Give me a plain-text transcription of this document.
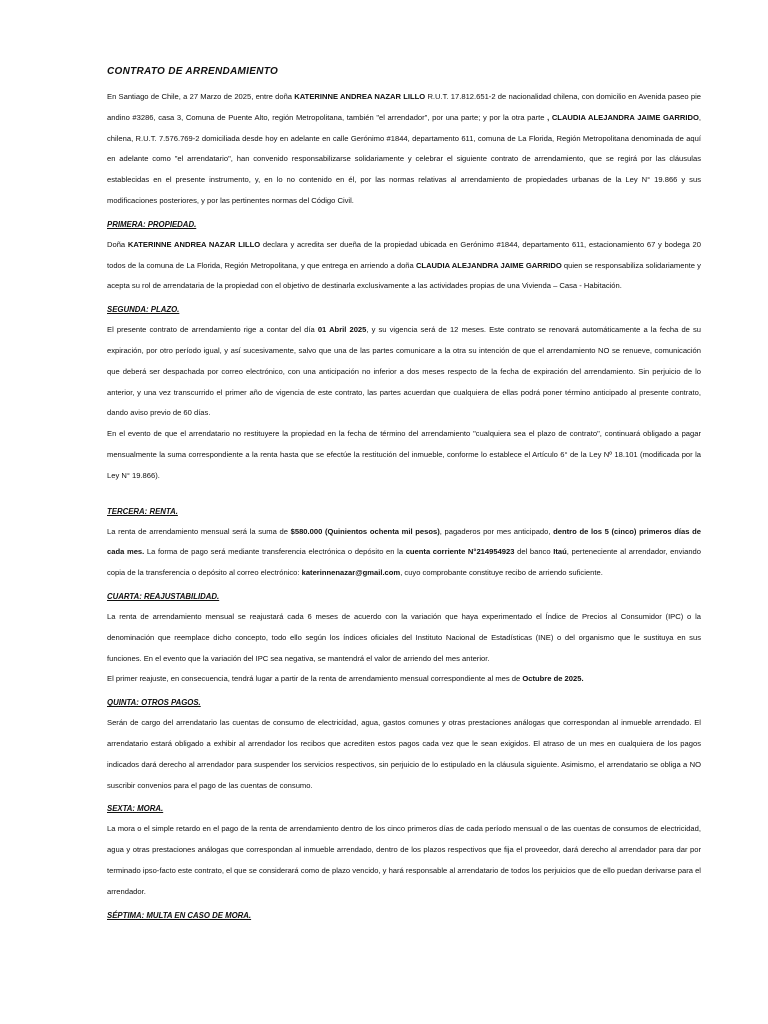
CONTRATO DE ARRENDAMIENTO

En Santiago de Chile, a 27 Marzo de 2025, entre doña KATERINNE ANDREA NAZAR LILLO R.U.T. 17.812.651-2 de nacionalidad chilena, con domicilio en Avenida paseo pie andino #3286, casa 3, Comuna de Puente Alto, región Metropolitana, también "el arrendador", por una parte; y por la otra parte , CLAUDIA ALEJANDRA JAIME GARRIDO, chilena, R.U.T. 7.576.769-2 domiciliada desde hoy en adelante en calle Gerónimo #1844, departamento 611, comuna de La Florida, Región Metropolitana denominada de aquí en adelante como "el arrendatario", han convenido responsabilizarse solidariamente y celebrar el siguiente contrato de arrendamiento, que se regirá por las cláusulas establecidas en el presente instrumento, y, en lo no contenido en él, por las normas relativas al arrendamiento de propiedades urbanas de la Ley N° 19.866 y sus modificaciones posteriores, y por las pertinentes normas del Código Civil.

PRIMERA: PROPIEDAD.

Doña KATERINNE ANDREA NAZAR LILLO declara y acredita ser dueña de la propiedad ubicada en Gerónimo #1844, departamento 611, estacionamiento 67 y bodega 20 todos de la comuna de La Florida, Región Metropolitana, y que entrega en arriendo a doña CLAUDIA ALEJANDRA JAIME GARRIDO quien se responsabiliza solidariamente y acepta su rol de arrendataria de la propiedad con el objetivo de destinarla exclusivamente a las actividades propias de una Vivienda – Casa - Habitación.

SEGUNDA: PLAZO.

El presente contrato de arrendamiento rige a contar del día 01 Abril 2025, y su vigencia será de 12 meses. Este contrato se renovará automáticamente a la fecha de su expiración, por otro período igual, y así sucesivamente, salvo que una de las partes comunicare a la otra su intención de que el arrendamiento NO se renueve, comunicación que deberá ser despachada por correo electrónico, con una anticipación no inferior a dos meses respecto de la fecha de expiración del arrendamiento. Sin perjuicio de lo anterior, y una vez transcurrido el primer año de vigencia de este contrato, las partes acuerdan que cualquiera de ellas podrá poner término anticipado al presente contrato, dando aviso previo de 60 días.

En el evento de que el arrendatario no restituyere la propiedad en la fecha de término del arrendamiento "cualquiera sea el plazo de contrato", continuará obligado a pagar mensualmente la suma correspondiente a la renta hasta que se efectúe la restitución del inmueble, conforme lo establece el Artículo 6° de la Ley Nº 18.101 (modificada por la Ley N° 19.866).

TERCERA: RENTA.

La renta de arrendamiento mensual será la suma de $580.000 (Quinientos ochenta mil pesos), pagaderos por mes anticipado, dentro de los 5 (cinco) primeros días de cada mes. La forma de pago será mediante transferencia electrónica o depósito en la cuenta corriente N°214954923 del banco Itaú, perteneciente al arrendador, enviando copia de la transferencia o depósito al correo electrónico: katerinnenazar@gmail.com, cuyo comprobante constituye recibo de arriendo suficiente.

CUARTA: REAJUSTABILIDAD.

La renta de arrendamiento mensual se reajustará cada 6 meses de acuerdo con la variación que haya experimentado el Índice de Precios al Consumidor (IPC) o la denominación que reemplace dicho concepto, todo ello según los índices oficiales del Instituto Nacional de Estadísticas (INE) o del organismo que le sustituya en sus funciones. En el evento que la variación del IPC sea negativa, se mantendrá el valor de arriendo del mes anterior.

El primer reajuste, en consecuencia, tendrá lugar a partir de la renta de arrendamiento mensual correspondiente al mes de Octubre de 2025.

QUINTA: OTROS PAGOS.

Serán de cargo del arrendatario las cuentas de consumo de electricidad, agua, gastos comunes y otras prestaciones análogas que correspondan al inmueble arrendado. El arrendatario estará obligado a exhibir al arrendador los recibos que acrediten estos pagos cada vez que le sean exigidos. El atraso de un mes en cualquiera de los pagos indicados dará derecho al arrendador para suspender los servicios respectivos, sin perjuicio de lo estipulado en la cláusula siguiente. Asimismo, el arrendatario se obliga a NO suscribir convenios para el pago de las cuentas de consumo.

SEXTA: MORA.

La mora o el simple retardo en el pago de la renta de arrendamiento dentro de los cinco primeros días de cada período mensual o de las cuentas de consumos de electricidad, agua y otras prestaciones análogas que correspondan al inmueble arrendado, dentro de los plazos respectivos que fija el proveedor, dará derecho al arrendador para dar por terminado ipso-facto este contrato, el que se considerará como de plazo vencido, y hará responsable al arrendatario de todos los perjuicios que de ello puedan derivarse para el arrendador.

SÉPTIMA: MULTA EN CASO DE MORA.
